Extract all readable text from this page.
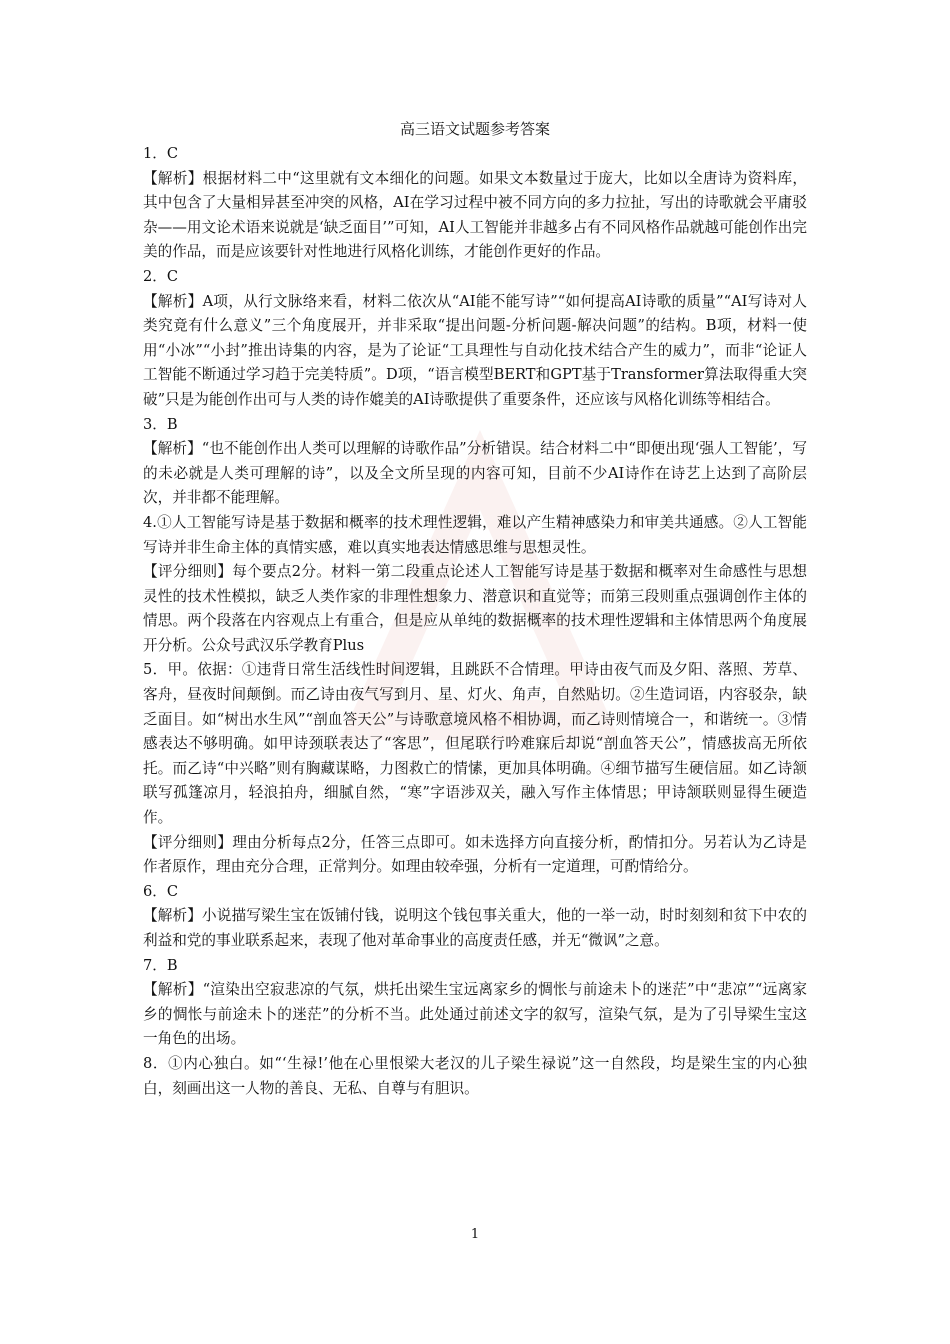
高三语文试题参考答案

1．C

【解析】根据材料二中“这里就有文本细化的问题。如果文本数量过于庞大，比如以全唐诗为资料库，其中包含了大量相异甚至冲突的风格，AI在学习过程中被不同方向的多力拉扯，写出的诗歌就会平庸驳杂——用文论术语来说就是‘缺乏面目’”可知，AI人工智能并非越多占有不同风格作品就越可能创作出完美的作品，而是应该要针对性地进行风格化训练，才能创作更好的作品。

2．C

【解析】A项，从行文脉络来看，材料二依次从“AI能不能写诗”“如何提高AI诗歌的质量”“AI写诗对人类究竟有什么意义”三个角度展开，并非采取“提出问题-分析问题-解决问题”的结构。B项，材料一使用“小冰”“小封”推出诗集的内容，是为了论证“工具理性与自动化技术结合产生的威力”，而非“论证人工智能不断通过学习趋于完美特质”。D项，“语言模型BERT和GPT基于Transformer算法取得重大突破”只是为能创作出可与人类的诗作媲美的AI诗歌提供了重要条件，还应该与风格化训练等相结合。

3．B

【解析】“也不能创作出人类可以理解的诗歌作品”分析错误。结合材料二中“即便出现‘强人工智能’，写的未必就是人类可理解的诗”，以及全文所呈现的内容可知，目前不少AI诗作在诗艺上达到了高阶层次，并非都不能理解。

4.①人工智能写诗是基于数据和概率的技术理性逻辑，难以产生精神感染力和审美共通感。②人工智能写诗并非生命主体的真情实感，难以真实地表达情感思维与思想灵性。

【评分细则】每个要点2分。材料一第二段重点论述人工智能写诗是基于数据和概率对生命感性与思想灵性的技术性模拟，缺乏人类作家的非理性想象力、潜意识和直觉等；而第三段则重点强调创作主体的情思。两个段落在内容观点上有重合，但是应从单纯的数据概率的技术理性逻辑和主体情思两个角度展开分析。公众号武汉乐学教育Plus

5．甲。依据：①违背日常生活线性时间逻辑，且跳跃不合情理。甲诗由夜气而及夕阳、落照、芳草、客舟，昼夜时间颠倒。而乙诗由夜气写到月、星、灯火、角声，自然贴切。②生造词语，内容驳杂，缺乏面目。如“树出水生风”“剖血答天公”与诗歌意境风格不相协调，而乙诗则情境合一，和谐统一。③情感表达不够明确。如甲诗颈联表达了“客思”，但尾联行吟难寐后却说“剖血答天公”，情感拔高无所依托。而乙诗“中兴略”则有胸藏谋略，力图救亡的情愫，更加具体明确。④细节描写生硬信屈。如乙诗颔联写孤篷凉月，轻浪拍舟，细腻自然，“寒”字语涉双关，融入写作主体情思；甲诗颔联则显得生硬造作。

【评分细则】理由分析每点2分，任答三点即可。如未选择方向直接分析，酌情扣分。另若认为乙诗是作者原作，理由充分合理，正常判分。如理由较牵强，分析有一定道理，可酌情给分。

6．C

【解析】小说描写梁生宝在饭铺付钱，说明这个钱包事关重大，他的一举一动，时时刻刻和贫下中农的利益和党的事业联系起来，表现了他对革命事业的高度责任感，并无“微讽”之意。

7．B

【解析】“渲染出空寂悲凉的气氛，烘托出梁生宝远离家乡的惆怅与前途未卜的迷茫”中“悲凉”“远离家乡的惆怅与前途未卜的迷茫”的分析不当。此处通过前述文字的叙写，渲染气氛，是为了引导梁生宝这一角色的出场。

8．①内心独白。如“‘生禄!’他在心里恨梁大老汉的儿子梁生禄说”这一自然段，均是梁生宝的内心独白，刻画出这一人物的善良、无私、自尊与有胆识。

1
